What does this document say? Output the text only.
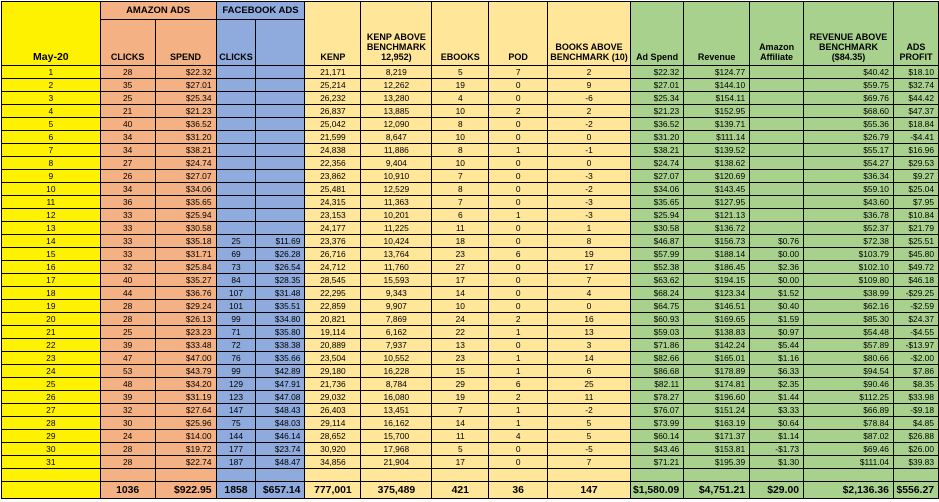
May-20	AMAZON ADS		FACEBOOK ADS		KENP	KENP ABOVE BENCHMARK 12,952)	EBOOKS	POD	BOOKS ABOVE BENCHMARK (10)	Ad Spend	Revenue	Amazon Affiliate	REVENUE ABOVE BENCHMARK ($84.35)	ADS PROFIT
	CLICKS	SPEND	CLICKS											
1	28	$22.32			21,171	8,219	5	7	2	$22.32	$124.77		$40.42	$18.10
2	35	$27.01			25,214	12,262	19	0	9	$27.01	$144.10		$59.75	$32.74
3	25	$25.34			26,232	13,280	4	0	-6	$25.34	$154.11		$69.76	$44.42
4	21	$21.23			26,837	13,885	10	2	2	$21.23	$152.95		$68.60	$47.37
5	40	$36.52			25,042	12,090	8	0	-2	$36.52	$139.71		$55.36	$18.84
6	34	$31.20			21,599	8,647	10	0	0	$31.20	$111.14		$26.79	-$4.41
7	34	$38.21			24,838	11,886	8	1	-1	$38.21	$139.52		$55.17	$16.96
8	27	$24.74			22,356	9,404	10	0	0	$24.74	$138.62		$54.27	$29.53
9	26	$27.07			23,862	10,910	7	0	-3	$27.07	$120.69		$36.34	$9.27
10	34	$34.06			25,481	12,529	8	0	-2	$34.06	$143.45		$59.10	$25.04
11	36	$35.65			24,315	11,363	7	0	-3	$35.65	$127.95		$43.60	$7.95
12	33	$25.94			23,153	10,201	6	1	-3	$25.94	$121.13		$36.78	$10.84
13	33	$30.58			24,177	11,225	11	0	1	$30.58	$136.72		$52.37	$21.79
14	33	$35.18	25	$11.69	23,376	10,424	18	0	8	$46.87	$156.73	$0.76	$72.38	$25.51
15	33	$31.71	69	$26.28	26,716	13,764	23	6	19	$57.99	$188.14	$0.00	$103.79	$45.80
16	32	$25.84	73	$26.54	24,712	11,760	27	0	17	$52.38	$186.45	$2.36	$102.10	$49.72
17	40	$35.27	84	$28.35	28,545	15,593	17	0	7	$63.62	$194.15	$0.00	$109.80	$46.18
18	44	$36.76	107	$31.48	22,295	9,343	14	0	4	$68.24	$123.34	$1.52	$38.99	-$29.25
19	28	$29.24	101	$35.51	22,859	9,907	10	0	0	$64.75	$146.51	$0.40	$62.16	-$2.59
20	28	$26.13	99	$34.80	20,821	7,869	24	2	16	$60.93	$169.65	$1.59	$85.30	$24.37
21	25	$23.23	71	$35.80	19,114	6,162	22	1	13	$59.03	$138.83	$0.97	$54.48	-$4.55
22	39	$33.48	72	$38.38	20,889	7,937	13	0	3	$71.86	$142.24	$5.44	$57.89	-$13.97
23	47	$47.00	76	$35.66	23,504	10,552	23	1	14	$82.66	$165.01	$1.16	$80.66	-$2.00
24	53	$43.79	99	$42.89	29,180	16,228	15	1	6	$86.68	$178.89	$6.33	$94.54	$7.86
25	48	$34.20	129	$47.91	21,736	8,784	29	6	25	$82.11	$174.81	$2.35	$90.46	$8.35
26	39	$31.19	123	$47.08	29,032	16,080	19	2	11	$78.27	$196.60	$1.44	$112.25	$33.98
27	32	$27.64	147	$48.43	26,403	13,451	7	1	-2	$76.07	$151.24	$3.33	$66.89	-$9.18
28	30	$25.96	75	$48.03	29,114	16,162	14	1	5	$73.99	$163.19	$0.64	$78.84	$4.85
29	24	$14.00	144	$46.14	28,652	15,700	11	4	5	$60.14	$171.37	$1.14	$87.02	$26.88
30	28	$19.72	177	$23.74	30,920	17,968	5	0	-5	$43.46	$153.81	-$1.73	$69.46	$26.00
31	28	$22.74	187	$48.47	34,856	21,904	17	0	7	$71.21	$195.39	$1.30	$111.04	$39.83

	1036	$922.95	1858	$657.14	777,001	375,489	421	36	147	$1,580.09	$4,751.21	$29.00	$2,136.36	$556.27
